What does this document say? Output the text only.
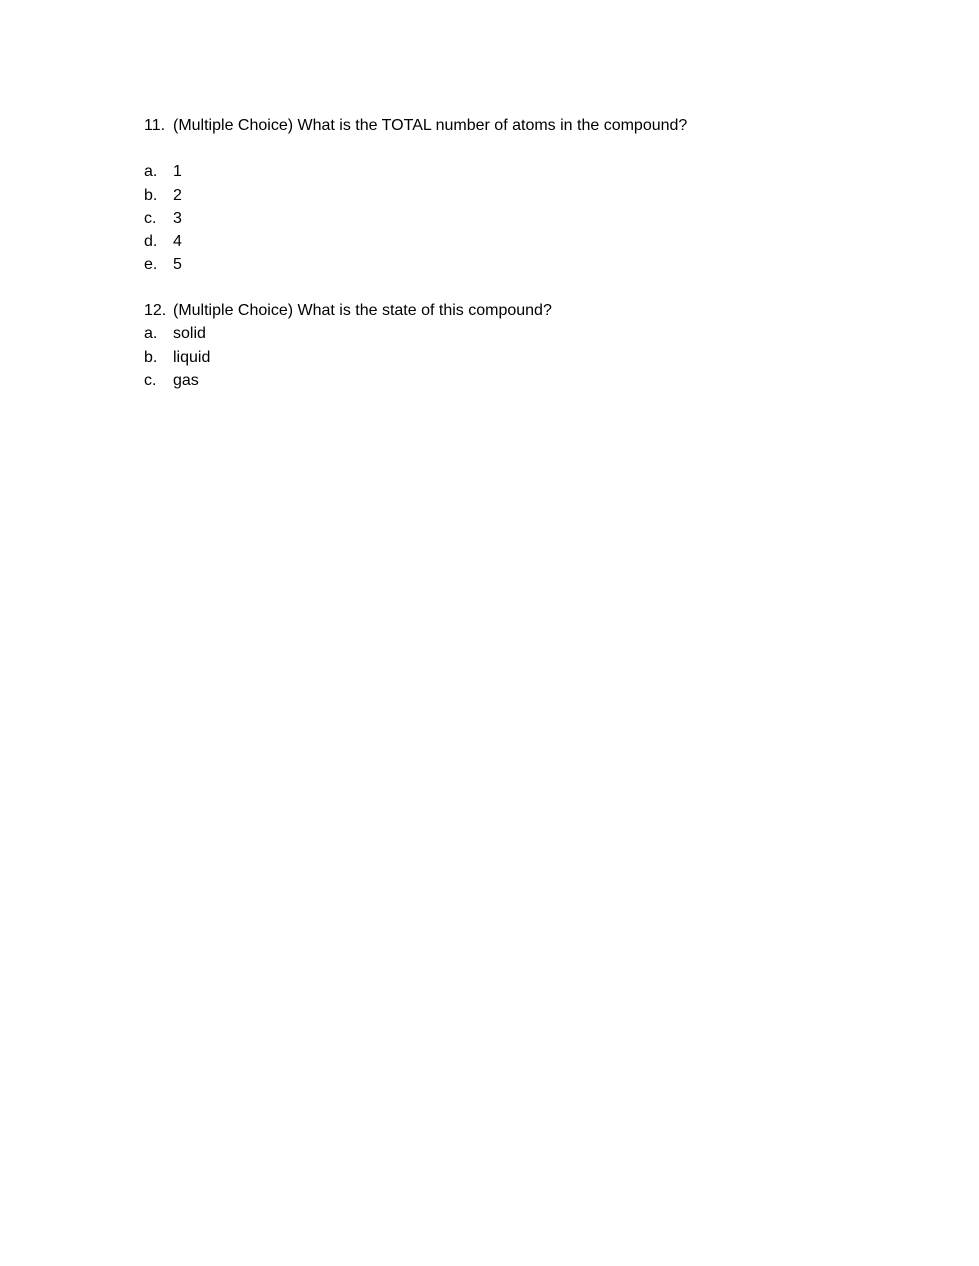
11. (Multiple Choice) What is the TOTAL number of atoms in the compound?
a. 1
b. 2
c.	3
d. 4
e. 5
12. (Multiple Choice) What is the state of this compound?
a. solid
b. liquid
c.	gas
